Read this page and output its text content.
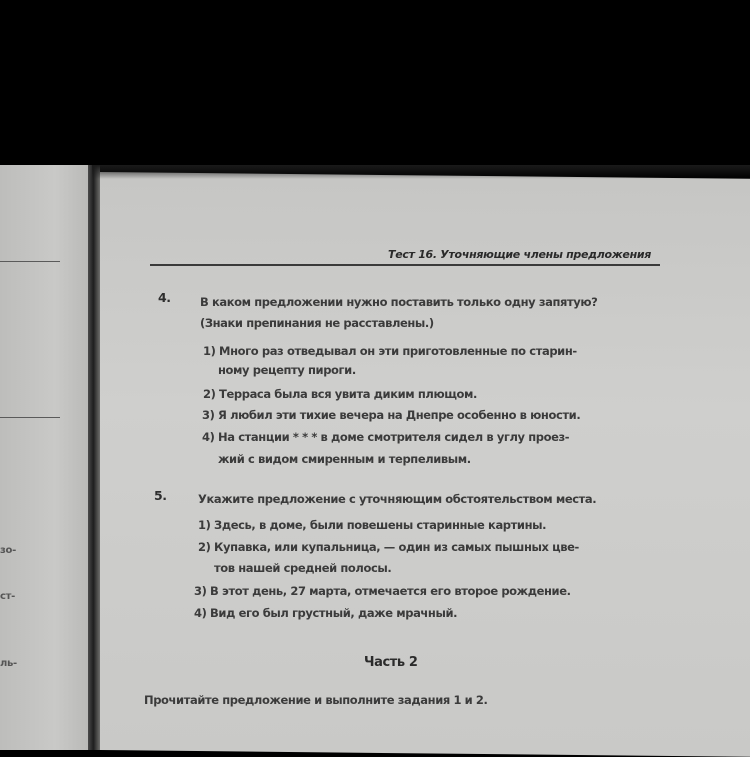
зо-
ст-
ль-
Тест 16. Уточняющие члены предложения
4.	В каком предложении нужно поставить только одну запятую?
(Знаки препинания не расставлены.)
1) Много раз отведывал он эти приготовленные по старин-
ному рецепту пироги.
2) Терраса была вся увита диким плющом.
3) Я любил эти тихие вечера на Днепре особенно в юности.
4) На станции * * * в доме смотрителя сидел в углу проез-
жий с видом смиренным и терпеливым.
5.	Укажите предложение с уточняющим обстоятельством места.
1) Здесь, в доме, были повешены старинные картины.
2) Купавка, или купальница, — один из самых пышных цве-
тов нашей средней полосы.
3) В этот день, 27 марта, отмечается его второе рождение.
4) Вид его был грустный, даже мрачный.
Часть 2
Прочитайте предложение и выполните задания 1 и 2.
